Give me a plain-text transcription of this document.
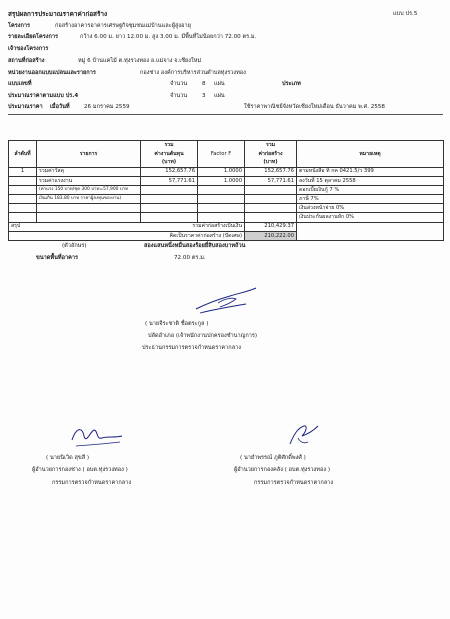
สรุปผลการประมาณราคาค่าก่อสร้าง	แบบ ปร.5
โครงการ	ก่อสร้างอาคารอาคารเศรษฐกิจชุมชนแม่บ้านและผู้สูงอายุ
รายละเอียดโครงการ	กว้าง 6.00 ม. ยาว 12.00 ม. สูง 3.00 ม. มีพื้นที่ไม่น้อยกว่า 72.00 ตร.ม.
เจ้าของโครงการ
สถานที่ก่อสร้าง	หมู่ 6 บ้านแคไม้ ต.ทุ่งรวงทอง อ.แม่จาง จ.เชียงใหม่
หน่วยงานออกแบบแปลนและรายการ	กองช่าง องค์การบริหารส่วนตำบลทุ่งรวงทอง
แบบเลขที่	จำนวน	8 แผ่น	ประเภท
ประมาณราคาตามแบบ ปร.4	จำนวน	3 แผ่น
ประมาณราคา เมื่อวันที่	26 มกราคม 2559	ใช้ราคาพาณิชย์จังหวัดเชียงใหม่เดือน ธันวาคม พ.ศ. 2558
ลำดับที่	รายการ	รวม	Factor F	รวม	หมายเหตุ
		ค่างานต้นทุน		ค่าก่อสร้าง	
		(บาท)		(บาท)	
1	รวมค่าวัสดุ	152,657.76	1.0000	152,657.76	ตามหนังสือ ที่ กค 0421.5/ว 399
	รวมค่าแรงงาน	57,771.61	1.0000	57,771.61	ลงวันที่ 15 ตุลาคม 2558
	(ค่าแรง 150 บาท/ชุด 300 บาท=57,900 บาท				ดอกเบี้ยเงินกู้ 7 %
	เงินเกิน 183.80 บาท ราคาผู้ลงทุนของงาน)				ภาษี 7%
					เงินล่วงหน้าจ่าย 0%
					เงินประกันผลงานหัก 0%
สรุป	รวมค่าก่อสร้างเป็นเงิน			210,429.37	
	คิดเป็นราคาค่าก่อสร้าง (ปัดเศษ)			210,222.00	
(ตัวอักษร)	สองแสนหนึ่งหมื่นสองร้อยยี่สิบสองบาทถ้วน
ขนาดพื้นที่อาคาร	72.00 ตร.ม.
( นายจีระชาติ ชื่อตระกูล )
ปลัดอำเภอ (เจ้าพนักงานปกครองชำนาญการ)
ประธานกรรมการตรวจกำหนดราคากลาง
( นายนิเวิด สุขสี )
ผู้อำนวยการกองช่าง ( อบต.ทุ่งรวงทอง )
กรรมการตรวจกำหนดราคากลาง
( นายำพรรณ์ ภูติศักดิ์พงศ์ )
ผู้อำนวยการกองคลัง ( อบต.ทุ่งรวงทอง )
กรรมการตรวจกำหนดราคากลาง
